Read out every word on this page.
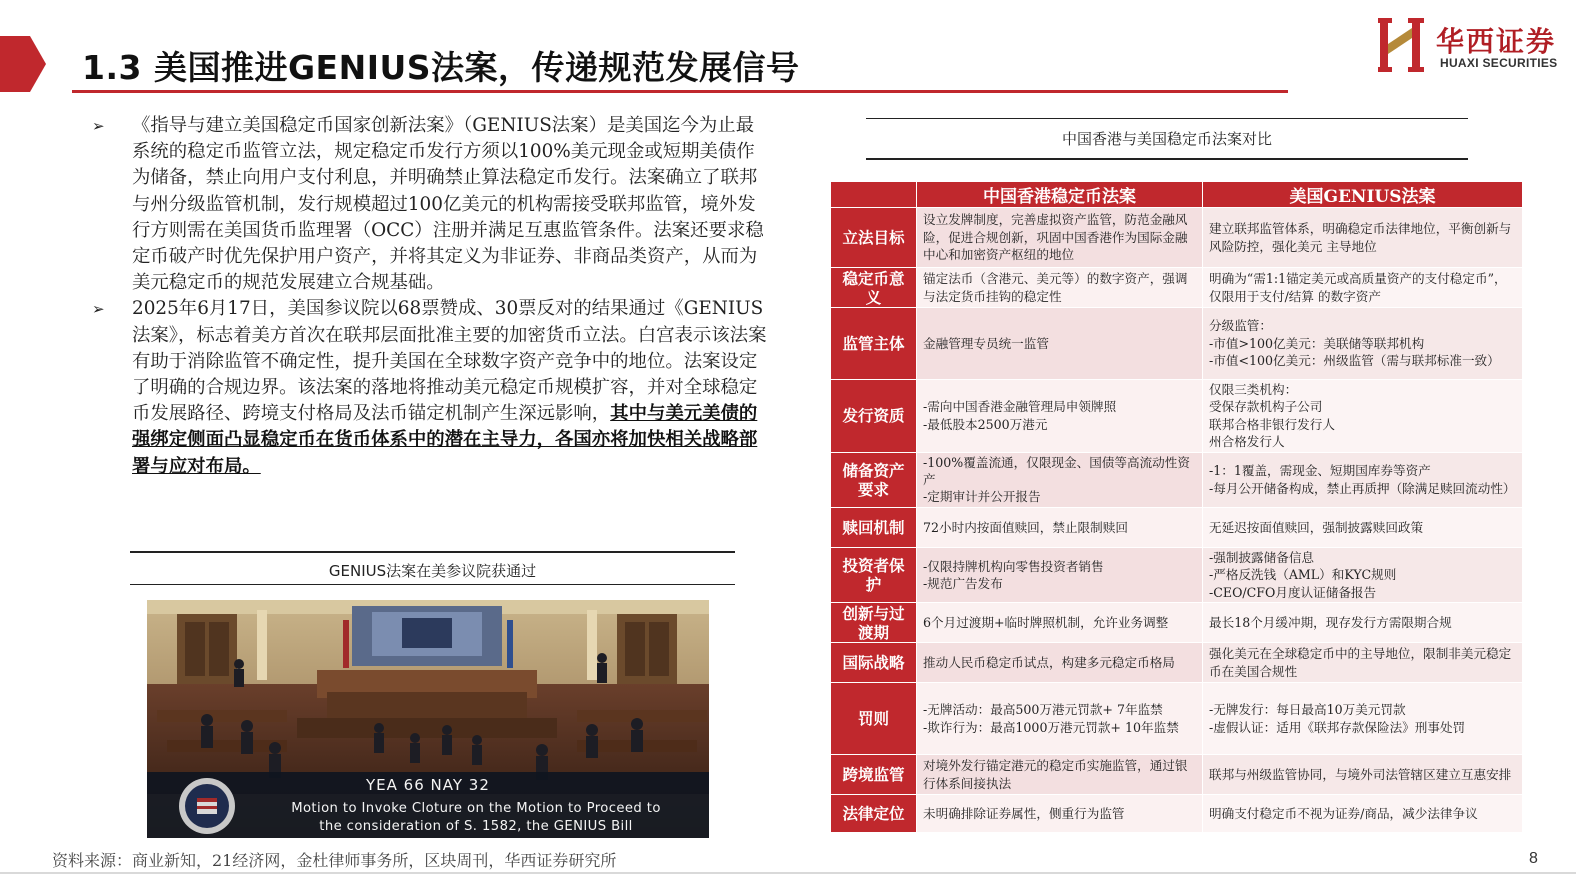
1.3 美国推进GENIUS法案，传递规范发展信号
华西证券
HUAXI SECURITIES
➢ 《指导与建立美国稳定币国家创新法案》（GENIUS法案）是美国迄今为止最系统的稳定币监管立法，规定稳定币发行方须以100%美元现金或短期美债作为储备，禁止向用户支付利息，并明确禁止算法稳定币发行。法案确立了联邦与州分级监管机制，发行规模超过100亿美元的机构需接受联邦监管，境外发行方则需在美国货币监理署（OCC）注册并满足互惠监管条件。法案还要求稳定币破产时优先保护用户资产，并将其定义为非证券、非商品类资产，从而为美元稳定币的规范发展建立合规基础。
➢ 2025年6月17日，美国参议院以68票赞成、30票反对的结果通过《GENIUS法案》，标志着美方首次在联邦层面批准主要的加密货币立法。白宫表示该法案有助于消除监管不确定性，提升美国在全球数字资产竞争中的地位。法案设定了明确的合规边界。该法案的落地将推动美元稳定币规模扩容，并对全球稳定币发展路径、跨境支付格局及法币锚定机制产生深远影响，其中与美元美债的强绑定侧面凸显稳定币在货币体系中的潜在主导力，各国亦将加快相关战略部署与应对布局。
GENIUS法案在美参议院获通过
YEA 66 NAY 32
Motion to Invoke Cloture on the Motion to Proceed to
the consideration of S. 1582, the GENIUS Bill
中国香港与美国稳定币法案对比
	中国香港稳定币法案	美国GENIUS法案
立法目标	设立发牌制度，完善虚拟资产监管，防范金融风险，促进合规创新，巩固中国香港作为国际金融中心和加密资产枢纽的地位	建立联邦监管体系，明确稳定币法律地位，平衡创新与风险防控，强化美元 主导地位

稳定币意义	锚定法币（含港元、美元等）的数字资产，强调与法定货币挂钩的稳定性	明确为“需1:1锚定美元或高质量资产的支付稳定币”，仅限用于支付/结算 的数字资产

监管主体	金融管理专员统一监管	分级监管：
-市值>100亿美元：美联储等联邦机构
-市值<100亿美元：州级监管（需与联邦标准一致）

发行资质	-需向中国香港金融管理局申领牌照
-最低股本2500万港元	仅限三类机构：
受保存款机构子公司
联邦合格非银行发行人
州合格发行人

储备资产要求	-100%覆盖流通，仅限现金、国债等高流动性资产
-定期审计并公开报告	-1：1覆盖，需现金、短期国库券等资产
-每月公开储备构成，禁止再质押（除满足赎回流动性）

赎回机制	72小时内按面值赎回，禁止限制赎回	无延迟按面值赎回，强制披露赎回政策

投资者保护	-仅限持牌机构向零售投资者销售
-规范广告发布	-强制披露储备信息
-严格反洗钱（AML）和KYC规则
-CEO/CFO月度认证储备报告

创新与过渡期	6个月过渡期+临时牌照机制，允许业务调整	最长18个月缓冲期，现存发行方需限期合规

国际战略	推动人民币稳定币试点，构建多元稳定币格局	强化美元在全球稳定币中的主导地位，限制非美元稳定币在美国合规性

罚则	-无牌活动：最高500万港元罚款+ 7年监禁
-欺诈行为：最高1000万港元罚款+ 10年监禁	-无牌发行：每日最高10万美元罚款
-虚假认证：适用《联邦存款保险法》刑事处罚

跨境监管	对境外发行锚定港元的稳定币实施监管，通过银行体系间接执法	联邦与州级监管协同，与境外司法管辖区建立互惠安排

法律定位	未明确排除证券属性，侧重行为监管	明确支付稳定币不视为证券/商品，减少法律争议
资料来源：商业新知，21经济网，金杜律师事务所，区块周刊，华西证券研究所	8
